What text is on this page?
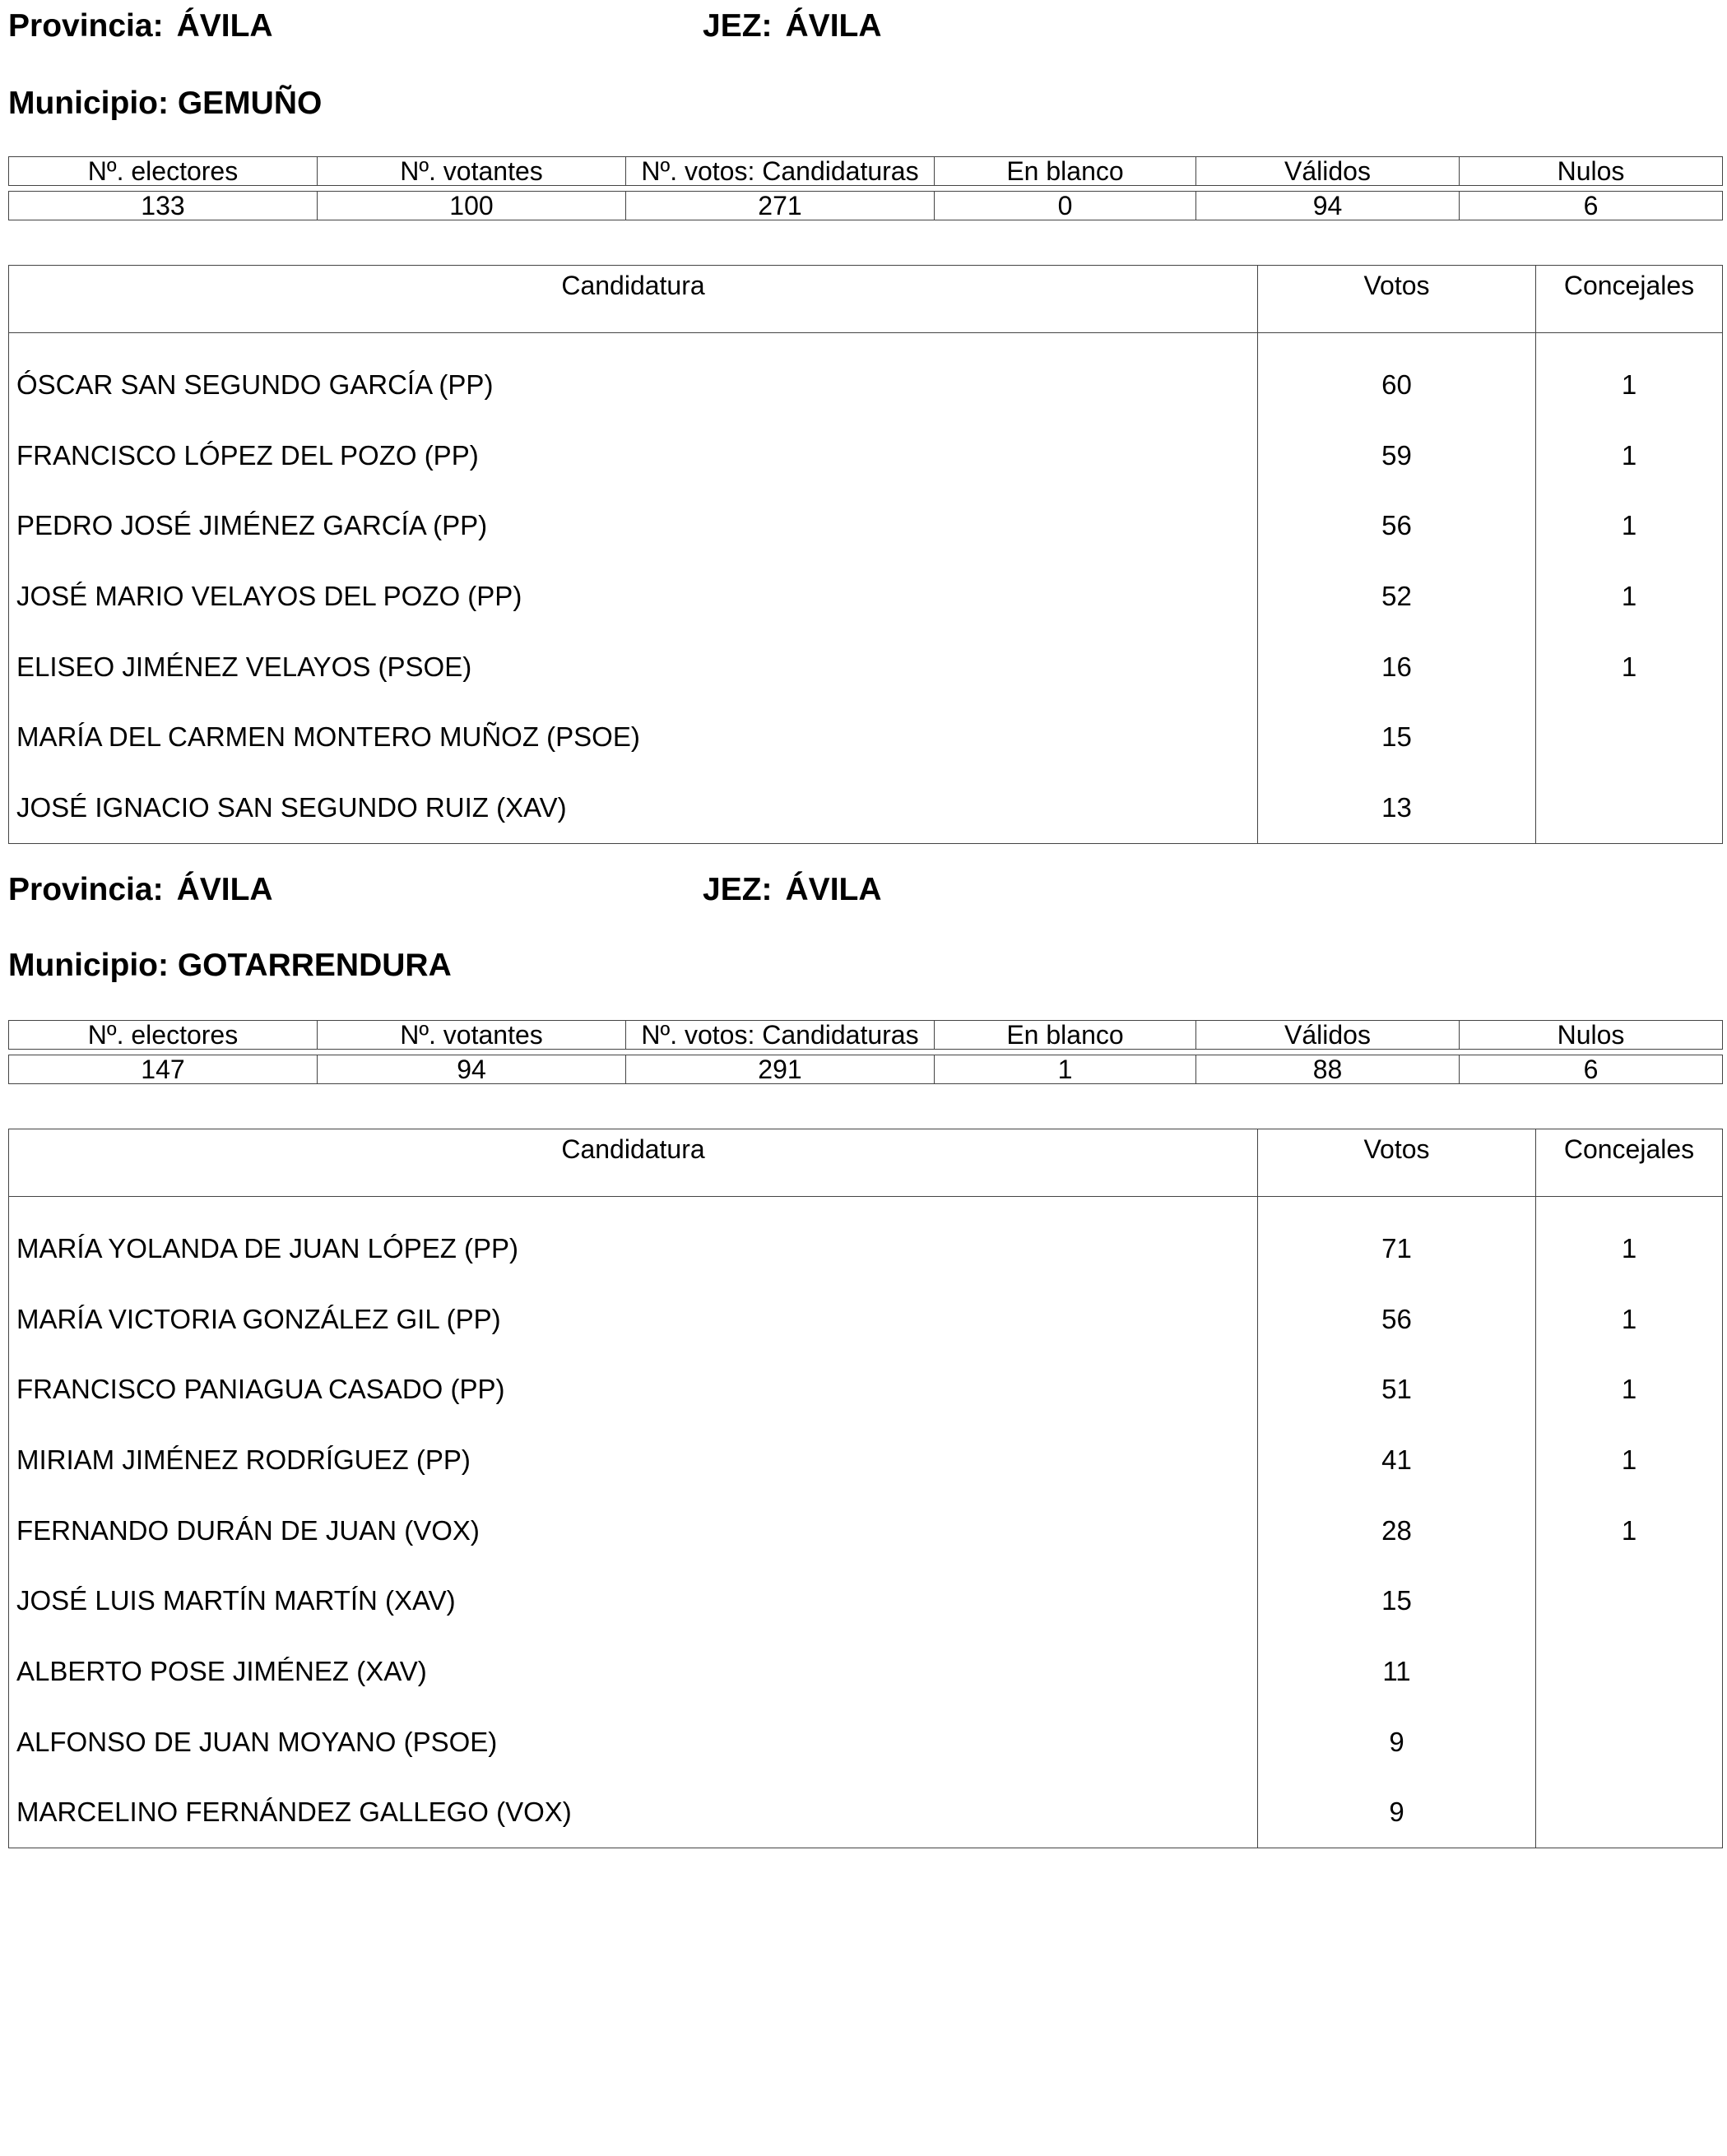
Provincia: ÁVILA	JEZ: ÁVILA
Municipio: GEMUÑO
Nº. electores	Nº. votantes	Nº. votos: Candidaturas	En blanco	Válidos	Nulos

133	100	271	0	94	6
Candidatura	Votos	Concejales
ÓSCAR SAN SEGUNDO GARCÍA (PP)	60	1
FRANCISCO LÓPEZ DEL POZO (PP)	59	1
PEDRO JOSÉ JIMÉNEZ GARCÍA (PP)	56	1
JOSÉ MARIO VELAYOS DEL POZO (PP)	52	1
ELISEO JIMÉNEZ VELAYOS (PSOE)	16	1
MARÍA DEL CARMEN MONTERO MUÑOZ (PSOE)	15	
JOSÉ IGNACIO SAN SEGUNDO RUIZ (XAV)	13	
Provincia: ÁVILA	JEZ: ÁVILA
Municipio: GOTARRENDURA
Nº. electores	Nº. votantes	Nº. votos: Candidaturas	En blanco	Válidos	Nulos

147	94	291	1	88	6
Candidatura	Votos	Concejales
MARÍA YOLANDA DE JUAN LÓPEZ (PP)	71	1
MARÍA VICTORIA GONZÁLEZ GIL (PP)	56	1
FRANCISCO PANIAGUA CASADO (PP)	51	1
MIRIAM JIMÉNEZ RODRÍGUEZ (PP)	41	1
FERNANDO DURÁN DE JUAN (VOX)	28	1
JOSÉ LUIS MARTÍN MARTÍN (XAV)	15	
ALBERTO POSE JIMÉNEZ (XAV)	11	
ALFONSO DE JUAN MOYANO (PSOE)	9	
MARCELINO FERNÁNDEZ GALLEGO (VOX)	9	
